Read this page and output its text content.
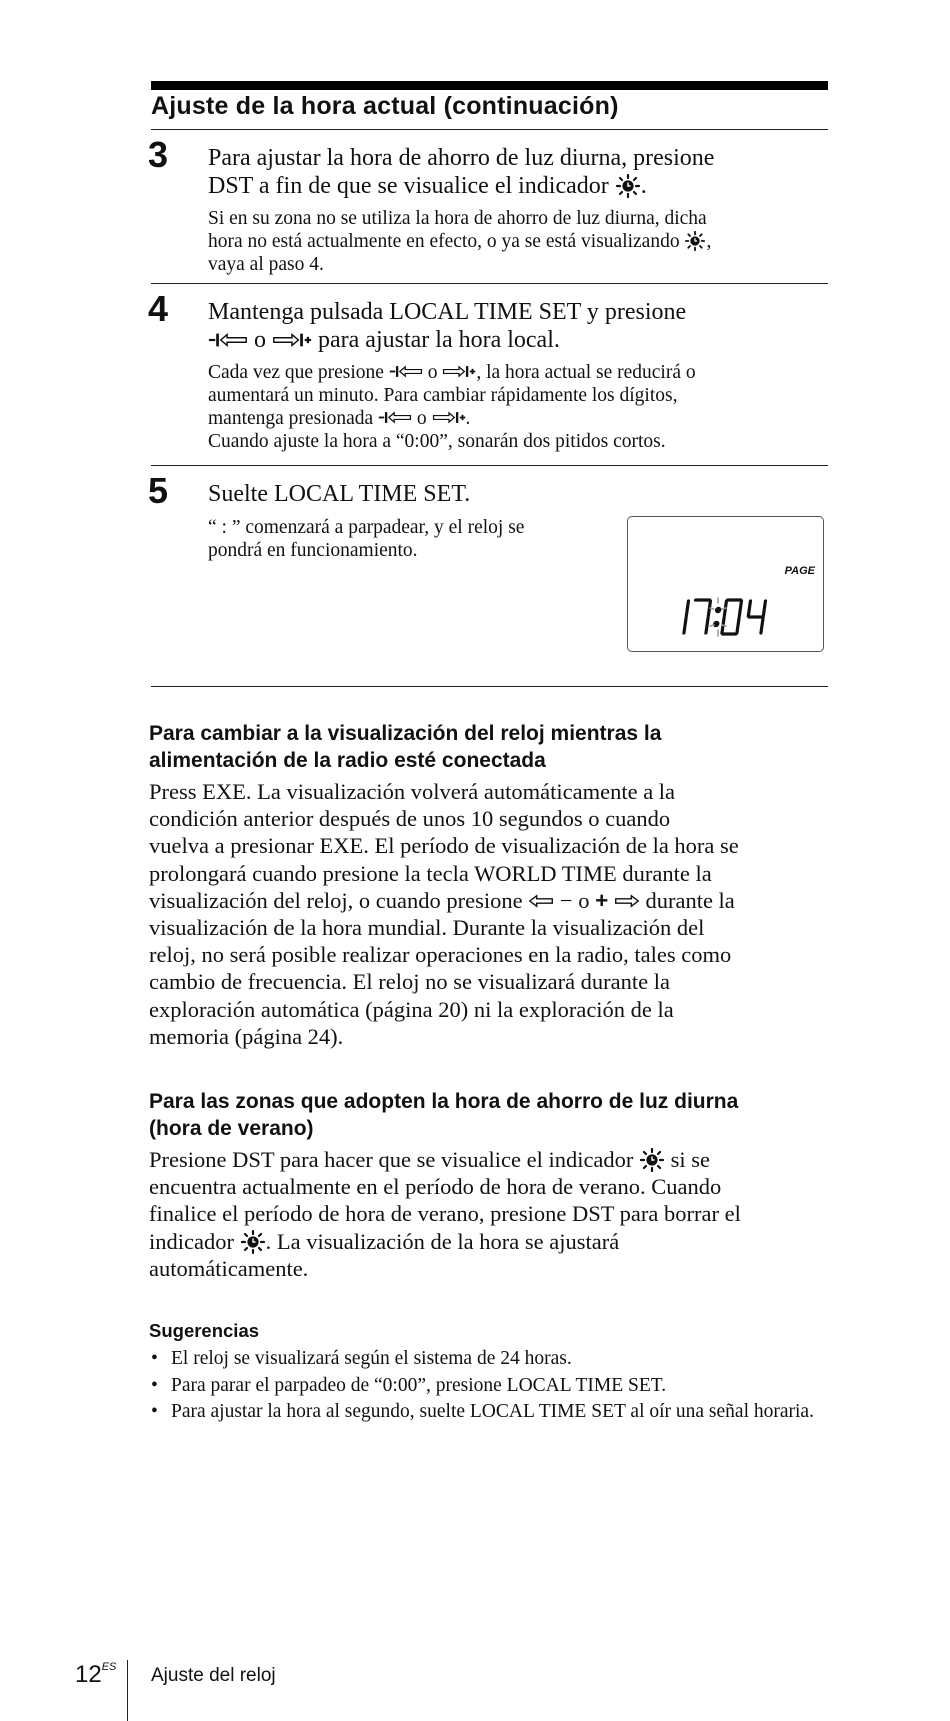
Ajuste de la hora actual (continuación)
3 Para ajustar la hora de ahorro de luz diurna, presione
DST a fin de que se visualice el indicador .
Si en su zona no se utiliza la hora de ahorro de luz diurna, dicha
hora no está actualmente en efecto, o ya se está visualizando ,
vaya al paso 4.
4 Mantenga pulsada LOCAL TIME SET y presione
o para ajustar la hora local.
Cada vez que presione o , la hora actual se reducirá o
aumentará un minuto. Para cambiar rápidamente los dígitos,
mantenga presionada o .
Cuando ajuste la hora a “0:00”, sonarán dos pitidos cortos.
5 Suelte LOCAL TIME SET.
“ : ” comenzará a parpadear, y el reloj se
pondrá en funcionamiento.
PAGE
Para cambiar a la visualización del reloj mientras la
alimentación de la radio esté conectada
Press EXE. La visualización volverá automáticamente a la
condición anterior después de unos 10 segundos o cuando
vuelva a presionar EXE. El período de visualización de la hora se
prolongará cuando presione la tecla WORLD TIME durante la
visualización del reloj, o cuando presione − o + durante la
visualización de la hora mundial. Durante la visualización del
reloj, no será posible realizar operaciones en la radio, tales como
cambio de frecuencia. El reloj no se visualizará durante la
exploración automática (página 20) ni la exploración de la
memoria (página 24).
Para las zonas que adopten la hora de ahorro de luz diurna
(hora de verano)
Presione DST para hacer que se visualice el indicador si se
encuentra actualmente en el período de hora de verano. Cuando
finalice el período de hora de verano, presione DST para borrar el
indicador . La visualización de la hora se ajustará
automáticamente.
Sugerencias
• El reloj se visualizará según el sistema de 24 horas.
• Para parar el parpadeo de “0:00”, presione LOCAL TIME SET.
• Para ajustar la hora al segundo, suelte LOCAL TIME SET al oír una señal horaria.
$12^{ES}$ Ajuste del reloj
